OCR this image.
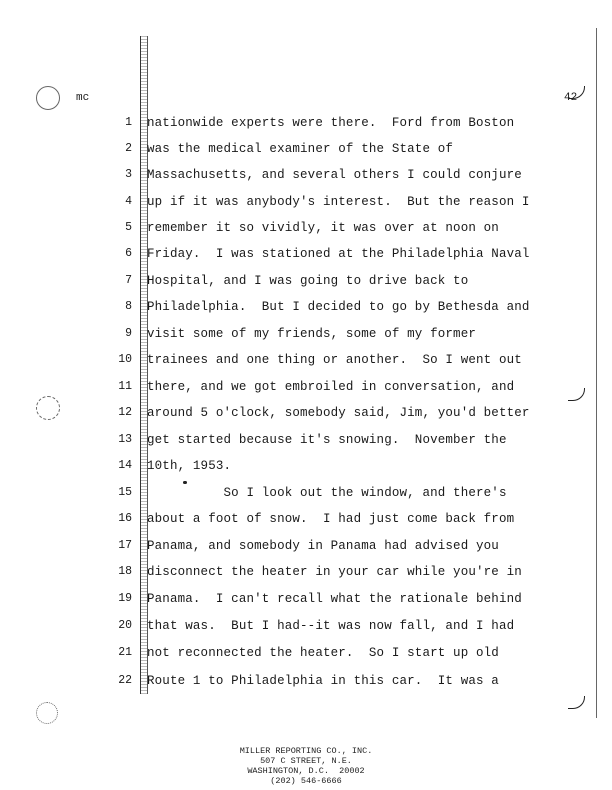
mc	42
1 nationwide experts were there.  Ford from Boston
2 was the medical examiner of the State of
3 Massachusetts, and several others I could conjure
4 up if it was anybody's interest.  But the reason I
5 remember it so vividly, it was over at noon on
6 Friday.  I was stationed at the Philadelphia Naval
7 Hospital, and I was going to drive back to
8 Philadelphia.  But I decided to go by Bethesda and
9 visit some of my friends, some of my former
10 trainees and one thing or another.  So I went out
11 there, and we got embroiled in conversation, and
12 around 5 o'clock, somebody said, Jim, you'd better
13 get started because it's snowing.  November the
14 10th, 1953.
15 So I look out the window, and there's
16 about a foot of snow.  I had just come back from
17 Panama, and somebody in Panama had advised you
18 disconnect the heater in your car while you're in
19 Panama.  I can't recall what the rationale behind
20 that was.  But I had--it was now fall, and I had
21 not reconnected the heater.  So I start up old
22 Route 1 to Philadelphia in this car.  It was a
MILLER REPORTING CO., INC.
507 C STREET, N.E.
WASHINGTON, D.C.  20002
(202) 546-6666
